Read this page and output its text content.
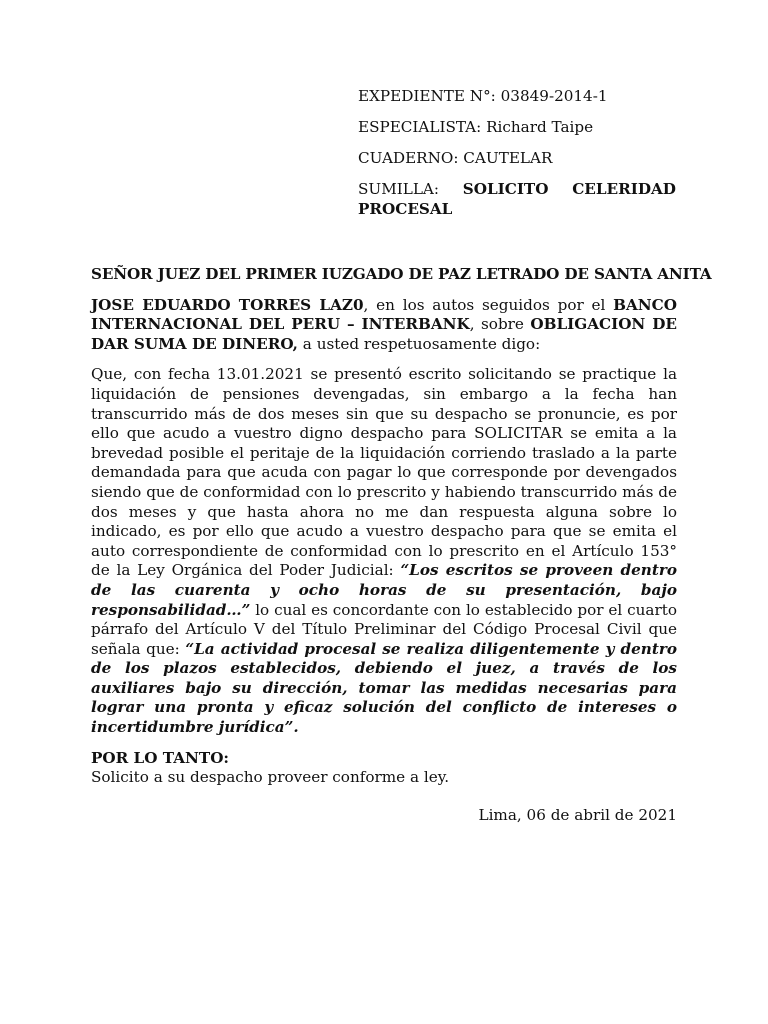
EXPEDIENTE N°: 03849-2014-1
ESPECIALISTA: Richard Taipe
CUADERNO: CAUTELAR
SUMILLA: SOLICITO CELERIDAD
PROCESAL

SEÑOR JUEZ DEL PRIMER IUZGADO DE PAZ LETRADO DE SANTA ANITA

JOSE EDUARDO TORRES LAZ0, en los autos seguidos por el BANCO INTERNACIONAL DEL PERU – INTERBANK, sobre OBLIGACION DE DAR SUMA DE DINERO, a usted respetuosamente digo:

Que, con fecha 13.01.2021 se presentó escrito solicitando se practique la liquidación de pensiones devengadas, sin embargo a la fecha han transcurrido más de dos meses sin que su despacho se pronuncie, es por ello que acudo a vuestro digno despacho para SOLICITAR se emita a la brevedad posible el peritaje de la liquidación corriendo traslado a la parte demandada para que acuda con pagar lo que corresponde por devengados siendo que de conformidad con lo prescrito y habiendo transcurrido más de dos meses y que hasta ahora no me dan respuesta alguna sobre lo indicado, es por ello que acudo a vuestro despacho para que se emita el auto correspondiente de conformidad con lo prescrito en el Artículo 153° de la Ley Orgánica del Poder Judicial: “Los escritos se proveen dentro de las cuarenta y ocho horas de su presentación, bajo responsabilidad…” lo cual es concordante con lo establecido por el cuarto párrafo del Artículo V del Título Preliminar del Código Procesal Civil que señala que: “La actividad procesal se realiza diligentemente y dentro de los plazos establecidos, debiendo el juez, a través de los auxiliares bajo su dirección, tomar las medidas necesarias para lograr una pronta y eficaz solución del conflicto de intereses o incertidumbre jurídica”.

POR LO TANTO:
Solicito a su despacho proveer conforme a ley.
Lima, 06 de abril de 2021
